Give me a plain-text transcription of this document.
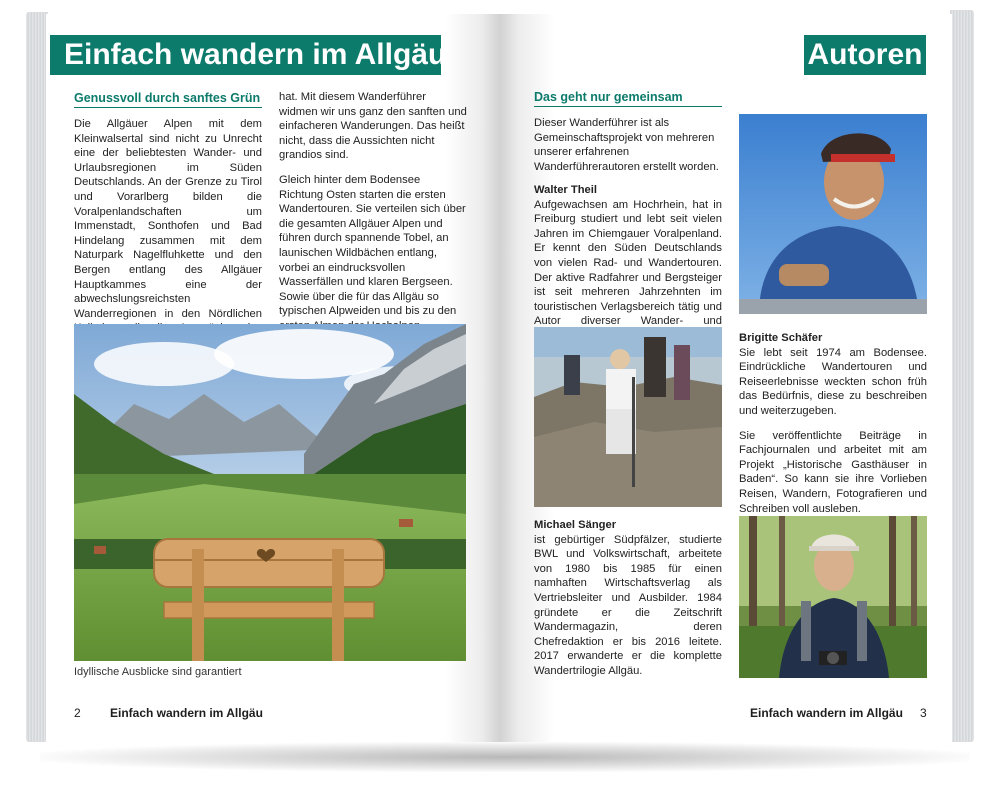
Einfach wandern im Allgäu
Genussvoll durch sanftes Grün

Die Allgäuer Alpen mit dem Kleinwalsertal sind nicht zu Unrecht eine der beliebtesten Wander- und Urlaubsregionen im Süden Deutschlands. An der Grenze zu Tirol und Vorarlberg bilden die Voralpenlandschaften um Immenstadt, Sonthofen und Bad Hindelang zusammen mit dem Naturpark Nagelfluhkette und den Bergen entlang des Allgäuer Hauptkammes eine der abwechslungsreichsten Wanderregionen in den Nördlichen

hat. Mit diesem Wanderführer widmen wir uns ganz den sanften und einfacheren Wanderungen. Das heißt nicht, dass die Aussichten nicht grandios sind.

Gleich hinter dem Bodensee Richtung Osten starten die ersten Wandertouren. Sie verteilen sich über die gesamten Allgäuer Alpen und führen durch spannende Tobel, an launischen Wildbächen entlang, vorbei an eindrucksvollen Wasserfällen und klaren Bergseen. Sowie über die für das Allgäu so typischen Alpweiden und bis zu den

Idyllische Ausblicke sind garantiert
2 Einfach wandern im Allgäu
Autoren
Das geht nur gemeinsam

Dieser Wanderführer ist als Gemeinschaftsprojekt von mehreren unserer erfahrenen Wanderführerautoren erstellt worden.

Walter Theil
Aufgewachsen am Hochrhein, hat in Freiburg studiert und lebt seit vielen Jahren im Chiemgauer Voralpenland. Er kennt den Süden Deutschlands von vielen Rad- und Wandertouren. Der aktive Radfahrer und Bergsteiger ist seit mehreren Jahrzehnten im touristischen Verlagsbereich tätig und Autor diverser Wander- und
Michael Sänger
ist gebürtiger Südpfälzer, studierte BWL und Volkswirtschaft, arbeitete von 1980 bis 1985 für einen namhaften Wirtschaftsverlag als Vertriebsleiter und Ausbilder. 1984 gründete er die Zeitschrift Wandermagazin, deren Chefredaktion er bis 2016 leitete. 2017 erwanderte er die komplette Wandertrilogie Allgäu.
Brigitte Schäfer

Sie lebt seit 1974 am Bodensee. Eindrückliche Wandertouren und Reiseerlebnisse weckten schon früh das Bedürfnis, diese zu beschreiben und weiterzugeben.

Sie veröffentlichte Beiträge in Fachjournalen und arbeitet mit am Projekt „Historische Gasthäuser in Baden“. So kann sie ihre Vorlieben Reisen, Wandern, Fotografieren und Schreiben voll ausleben.

Einfach wandern im Allgäu 3
